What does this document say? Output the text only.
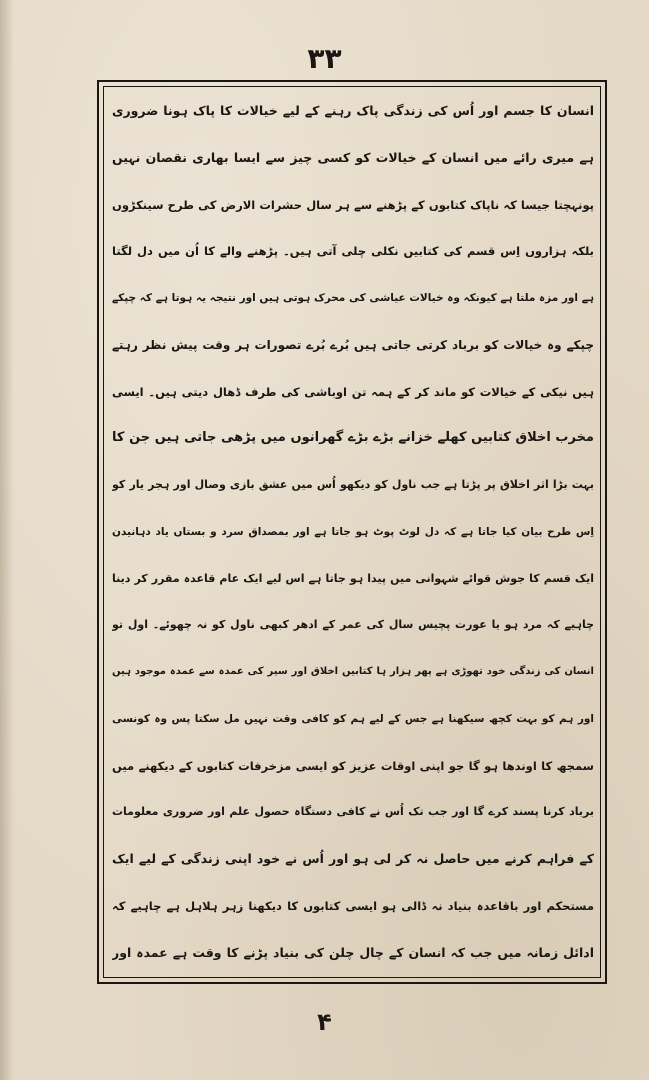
۳۳
انسان کا جسم اور اُس کی زندگی پاک رہنے کے لیے خیالات کا پاک ہونا ضروری
ہے میری رائے میں انسان کے خیالات کو کسی چیز سے ایسا بھاری نقصان نہیں
پونہچتا جیسا کہ ناپاک کتابوں کے پڑھنے سے ہر سال حشرات الارض کی طرح سینکڑوں
بلکہ ہزاروں اِس قسم کی کتابیں نکلی چلی آتی ہیں۔ پڑھنے والے کا اُن میں دل لگتا
ہے اور مزہ ملتا ہے کیونکہ وہ خیالات عیاشی کی محرک ہوتی ہیں اور نتیجہ یہ ہوتا ہے کہ چپکے
چپکے وہ خیالات کو برباد کرتی جاتی ہیں بُرے بُرے تصورات ہر وقت پیش نظر رہتے
ہیں نیکی کے خیالات کو ماند کر کے ہمہ تن اوباشی کی طرف ڈھال دیتی ہیں۔ ایسی
مخرب اخلاق کتابیں کھلے خزانے بڑے بڑے گھرانوں میں پڑھی جاتی ہیں جن کا
بہت بڑا اثر اخلاق پر پڑتا ہے جب ناول کو دیکھو اُس میں عشق بازی وصال اور ہجر یار کو
اِس طرح بیان کیا جاتا ہے کہ دل لوٹ پوٹ ہو جاتا ہے اور بمصداق سرد و بستاں یاد دہانیدن
ایک قسم کا جوش قوائے شہوانی میں پیدا ہو جاتا ہے اس لیے ایک عام قاعدہ مقرر کر دینا
چاہیے کہ مرد ہو یا عورت پچیس سال کی عمر کے ادھر کبھی ناول کو نہ چھوئے۔ اول تو
انسان کی زندگی خود تھوڑی ہے پھر ہزار ہا کتابیں اخلاق اور سیر کی عمدہ سے عمدہ موجود ہیں
اور ہم کو بہت کچھ سیکھنا ہے جس کے لیے ہم کو کافی وقت نہیں مل سکتا پس وہ کونسی
سمجھ کا اوندھا ہو گا جو اپنی اوقات عزیز کو ایسی مزخرفات کتابوں کے دیکھنے میں
برباد کرنا پسند کرے گا اور جب تک اُس نے کافی دستگاہ حصول علم اور ضروری معلومات
کے فراہم کرنے میں حاصل نہ کر لی ہو اور اُس نے خود اپنی زندگی کے لیے ایک
مستحکم اور باقاعدہ بنیاد نہ ڈالی ہو ایسی کتابوں کا دیکھنا زہر ہلاہل ہے چاہیے کہ
ادائل زمانہ میں جب کہ انسان کے چال چلن کی بنیاد پڑنے کا وقت ہے عمدہ اور
۴
